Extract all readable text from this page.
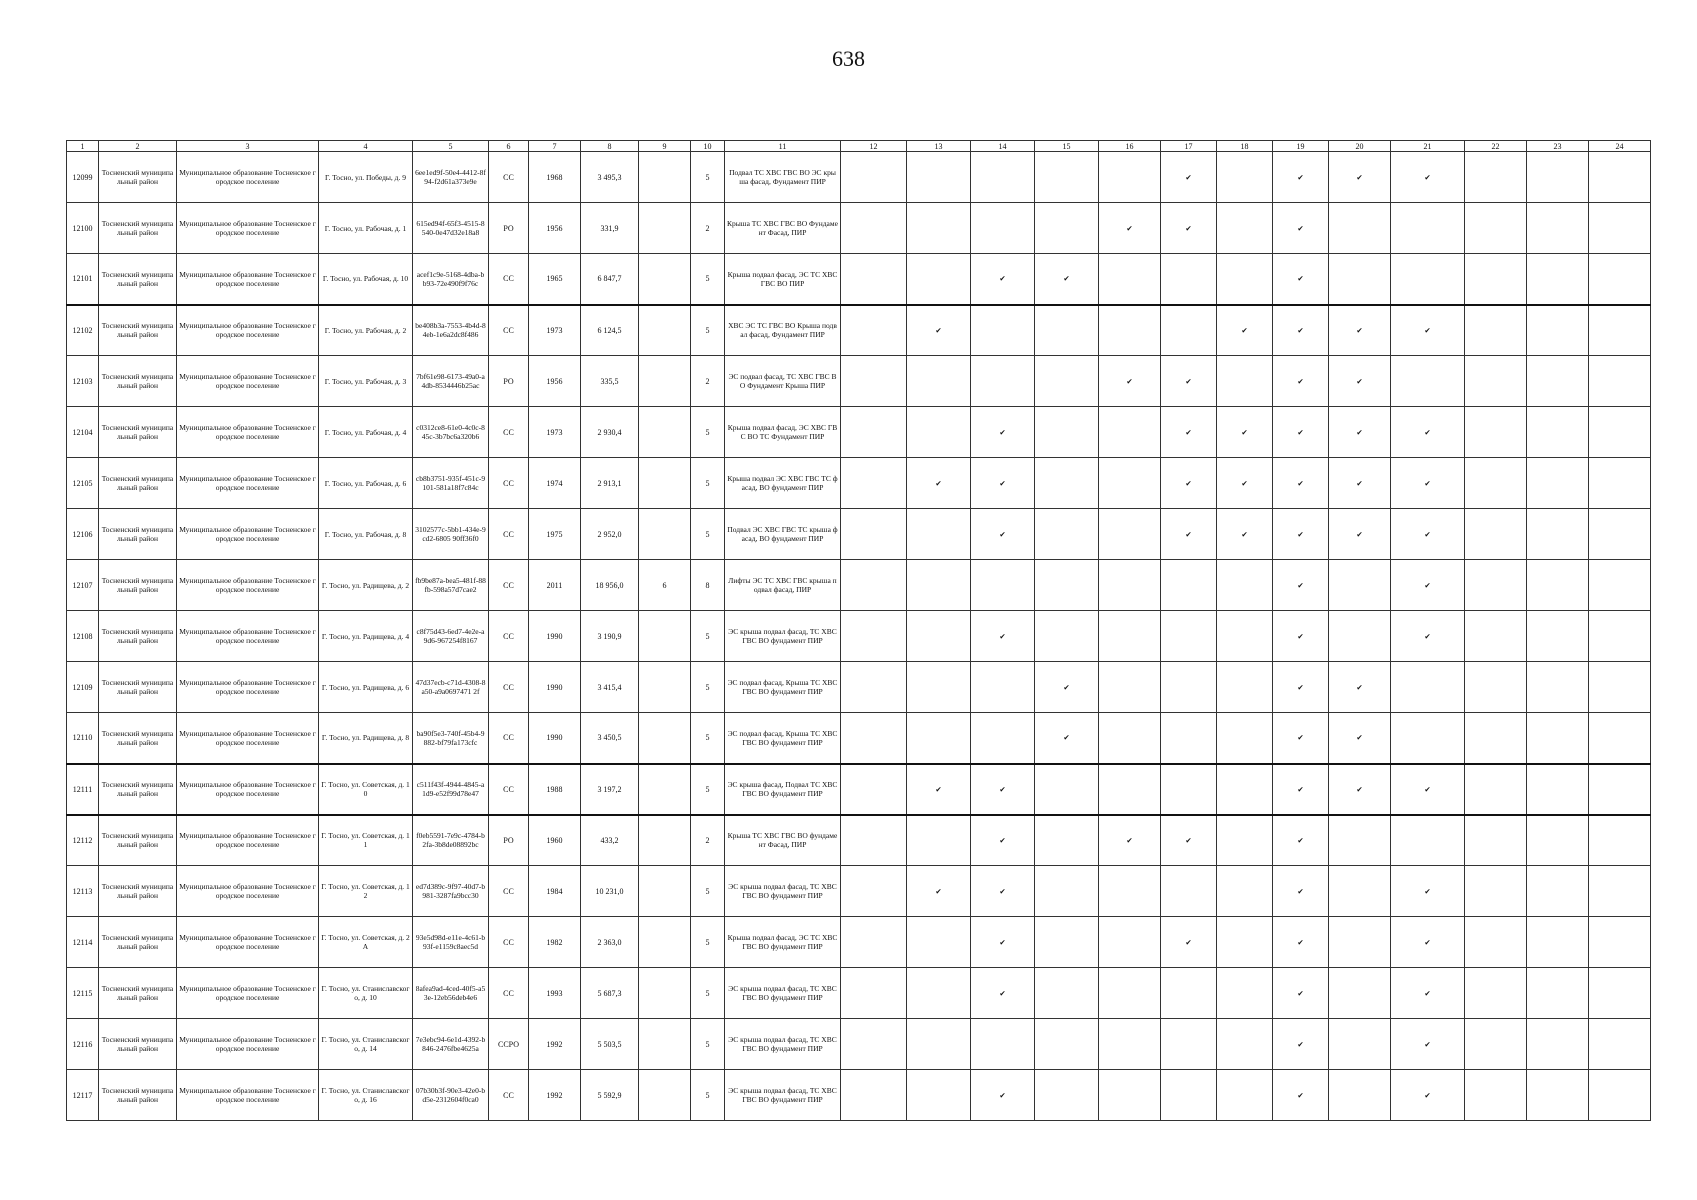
638
1	2	3	4	5	6	7	8	9	10	11	12	13	14	15	16	17	18	19	20	21	22	23	24
12099	Тосненский муниципальный район	Муниципальное образование Тосненское городское поселение	Г. Тосно, ул. Победы, д. 9	6ee1ed9f-50e4-4412-8f94-f2d61a373e9e	СС	1968	3 495,3		5	Подвал ТС ХВС ГВС ВО ЭС крыша фасад, Фундамент ПИР						✔		✔	✔	✔			
12100	Тосненский муниципальный район	Муниципальное образование Тосненское городское поселение	Г. Тосно, ул. Рабочая, д. 1	615ed94f-65f3-4515-8540-0e47d32e18a8	РО	1956	331,9		2	Крыша ТС ХВС ГВС ВО Фундамент Фасад, ПИР					✔	✔		✔					
12101	Тосненский муниципальный район	Муниципальное образование Тосненское городское поселение	Г. Тосно, ул. Рабочая, д. 10	acef1c9e-5168-4dba-bb93-72e490f9f76c	СС	1965	6 847,7		5	Крыша подвал фасад, ЭС ТС ХВС ГВС ВО ПИР			✔	✔				✔					
12102	Тосненский муниципальный район	Муниципальное образование Тосненское городское поселение	Г. Тосно, ул. Рабочая, д. 2	be408b3a-7553-4b4d-84eb-1e6a2dc8f486	СС	1973	6 124,5		5	ХВС ЭС ТС ГВС ВО Крыша подвал фасад, Фундамент ПИР		✔					✔	✔	✔	✔			
12103	Тосненский муниципальный район	Муниципальное образование Тосненское городское поселение	Г. Тосно, ул. Рабочая, д. 3	7bf61e98-6173-49a0-a4db-8534446b25ac	РО	1956	335,5		2	ЭС подвал фасад, ТС ХВС ГВС ВО Фундамент Крыша ПИР					✔	✔		✔	✔				
12104	Тосненский муниципальный район	Муниципальное образование Тосненское городское поселение	Г. Тосно, ул. Рабочая, д. 4	c0312ce8-61e0-4c0c-845c-3b7bc6a320b6	СС	1973	2 930,4		5	Крыша подвал фасад, ЭС ХВС ГВС ВО ТС Фундамент ПИР			✔			✔	✔	✔	✔	✔			
12105	Тосненский муниципальный район	Муниципальное образование Тосненское городское поселение	Г. Тосно, ул. Рабочая, д. 6	cb8b3751-935f-451c-9101-581a18f7c84c	СС	1974	2 913,1		5	Крыша подвал ЭС ХВС ГВС ТС фасад, ВО фундамент ПИР		✔	✔			✔	✔	✔	✔	✔			
12106	Тосненский муниципальный район	Муниципальное образование Тосненское городское поселение	Г. Тосно, ул. Рабочая, д. 8	3102577c-5bb1-434e-9cd2-6805 90ff36f0	СС	1975	2 952,0		5	Подвал ЭС ХВС ГВС ТС крыша фасад, ВО фундамент ПИР			✔			✔	✔	✔	✔	✔			
12107	Тосненский муниципальный район	Муниципальное образование Тосненское городское поселение	Г. Тосно, ул. Радищева, д. 2	fb9be87a-bea5-481f-88fb-598a57d7cae2	СС	2011	18 956,0	6	8	Лифты ЭС ТС ХВС ГВС крыша подвал фасад, ПИР								✔		✔			
12108	Тосненский муниципальный район	Муниципальное образование Тосненское городское поселение	Г. Тосно, ул. Радищева, д. 4	c8f75d43-6ed7-4e2e-a9d6-967254f8167	СС	1990	3 190,9		5	ЭС крыша подвал фасад, ТС ХВС ГВС ВО фундамент ПИР			✔					✔		✔			
12109	Тосненский муниципальный район	Муниципальное образование Тосненское городское поселение	Г. Тосно, ул. Радищева, д. 6	47d37ecb-c71d-4308-8a50-a9a0697471 2f	СС	1990	3 415,4		5	ЭС подвал фасад, Крыша ТС ХВС ГВС ВО фундамент ПИР				✔				✔	✔				
12110	Тосненский муниципальный район	Муниципальное образование Тосненское городское поселение	Г. Тосно, ул. Радищева, д. 8	ba90f5e3-740f-45b4-9882-bf79fa173cfc	СС	1990	3 450,5		5	ЭС подвал фасад, Крыша ТС ХВС ГВС ВО фундамент ПИР				✔				✔	✔				
12111	Тосненский муниципальный район	Муниципальное образование Тосненское городское поселение	Г. Тосно, ул. Советская, д. 10	c511f43f-4944-4845-a1d9-e52f99d78e47	СС	1988	3 197,2		5	ЭС крыша фасад, Подвал ТС ХВС ГВС ВО фундамент ПИР		✔	✔					✔	✔	✔			
12112	Тосненский муниципальный район	Муниципальное образование Тосненское городское поселение	Г. Тосно, ул. Советская, д. 11	f0eb5591-7e9c-4784-b2fa-3b8de08892bc	РО	1960	433,2		2	Крыша ТС ХВС ГВС ВО фундамент Фасад, ПИР			✔		✔	✔		✔					
12113	Тосненский муниципальный район	Муниципальное образование Тосненское городское поселение	Г. Тосно, ул. Советская, д. 12	ed7d389c-9f97-40d7-b981-3287fa9bcc30	СС	1984	10 231,0		5	ЭС крыша подвал фасад, ТС ХВС ГВС ВО фундамент ПИР		✔	✔					✔		✔			
12114	Тосненский муниципальный район	Муниципальное образование Тосненское городское поселение	Г. Тосно, ул. Советская, д. 2А	93e5d98d-e11e-4c61-b93f-e1159c8aec5d	СС	1982	2 363,0		5	Крыша подвал фасад, ЭС ТС ХВС ГВС ВО фундамент ПИР			✔			✔		✔		✔			
12115	Тосненский муниципальный район	Муниципальное образование Тосненское городское поселение	Г. Тосно, ул. Станиславского, д. 10	8afea9ad-4ced-40f5-a53e-12eb56deb4e6	СС	1993	5 687,3		5	ЭС крыша подвал фасад, ТС ХВС ГВС ВО фундамент ПИР			✔					✔		✔			
12116	Тосненский муниципальный район	Муниципальное образование Тосненское городское поселение	Г. Тосно, ул. Станиславского, д. 14	7e3ebc94-6e1d-4392-b846-2476fbe4625a	ССРО	1992	5 503,5		5	ЭС крыша подвал фасад, ТС ХВС ГВС ВО фундамент ПИР								✔		✔			
12117	Тосненский муниципальный район	Муниципальное образование Тосненское городское поселение	Г. Тосно, ул. Станиславского, д. 16	07b30b3f-90e3-42e0-bd5e-2312604f0ca0	СС	1992	5 592,9		5	ЭС крыша подвал фасад, ТС ХВС ГВС ВО фундамент ПИР			✔					✔		✔			
